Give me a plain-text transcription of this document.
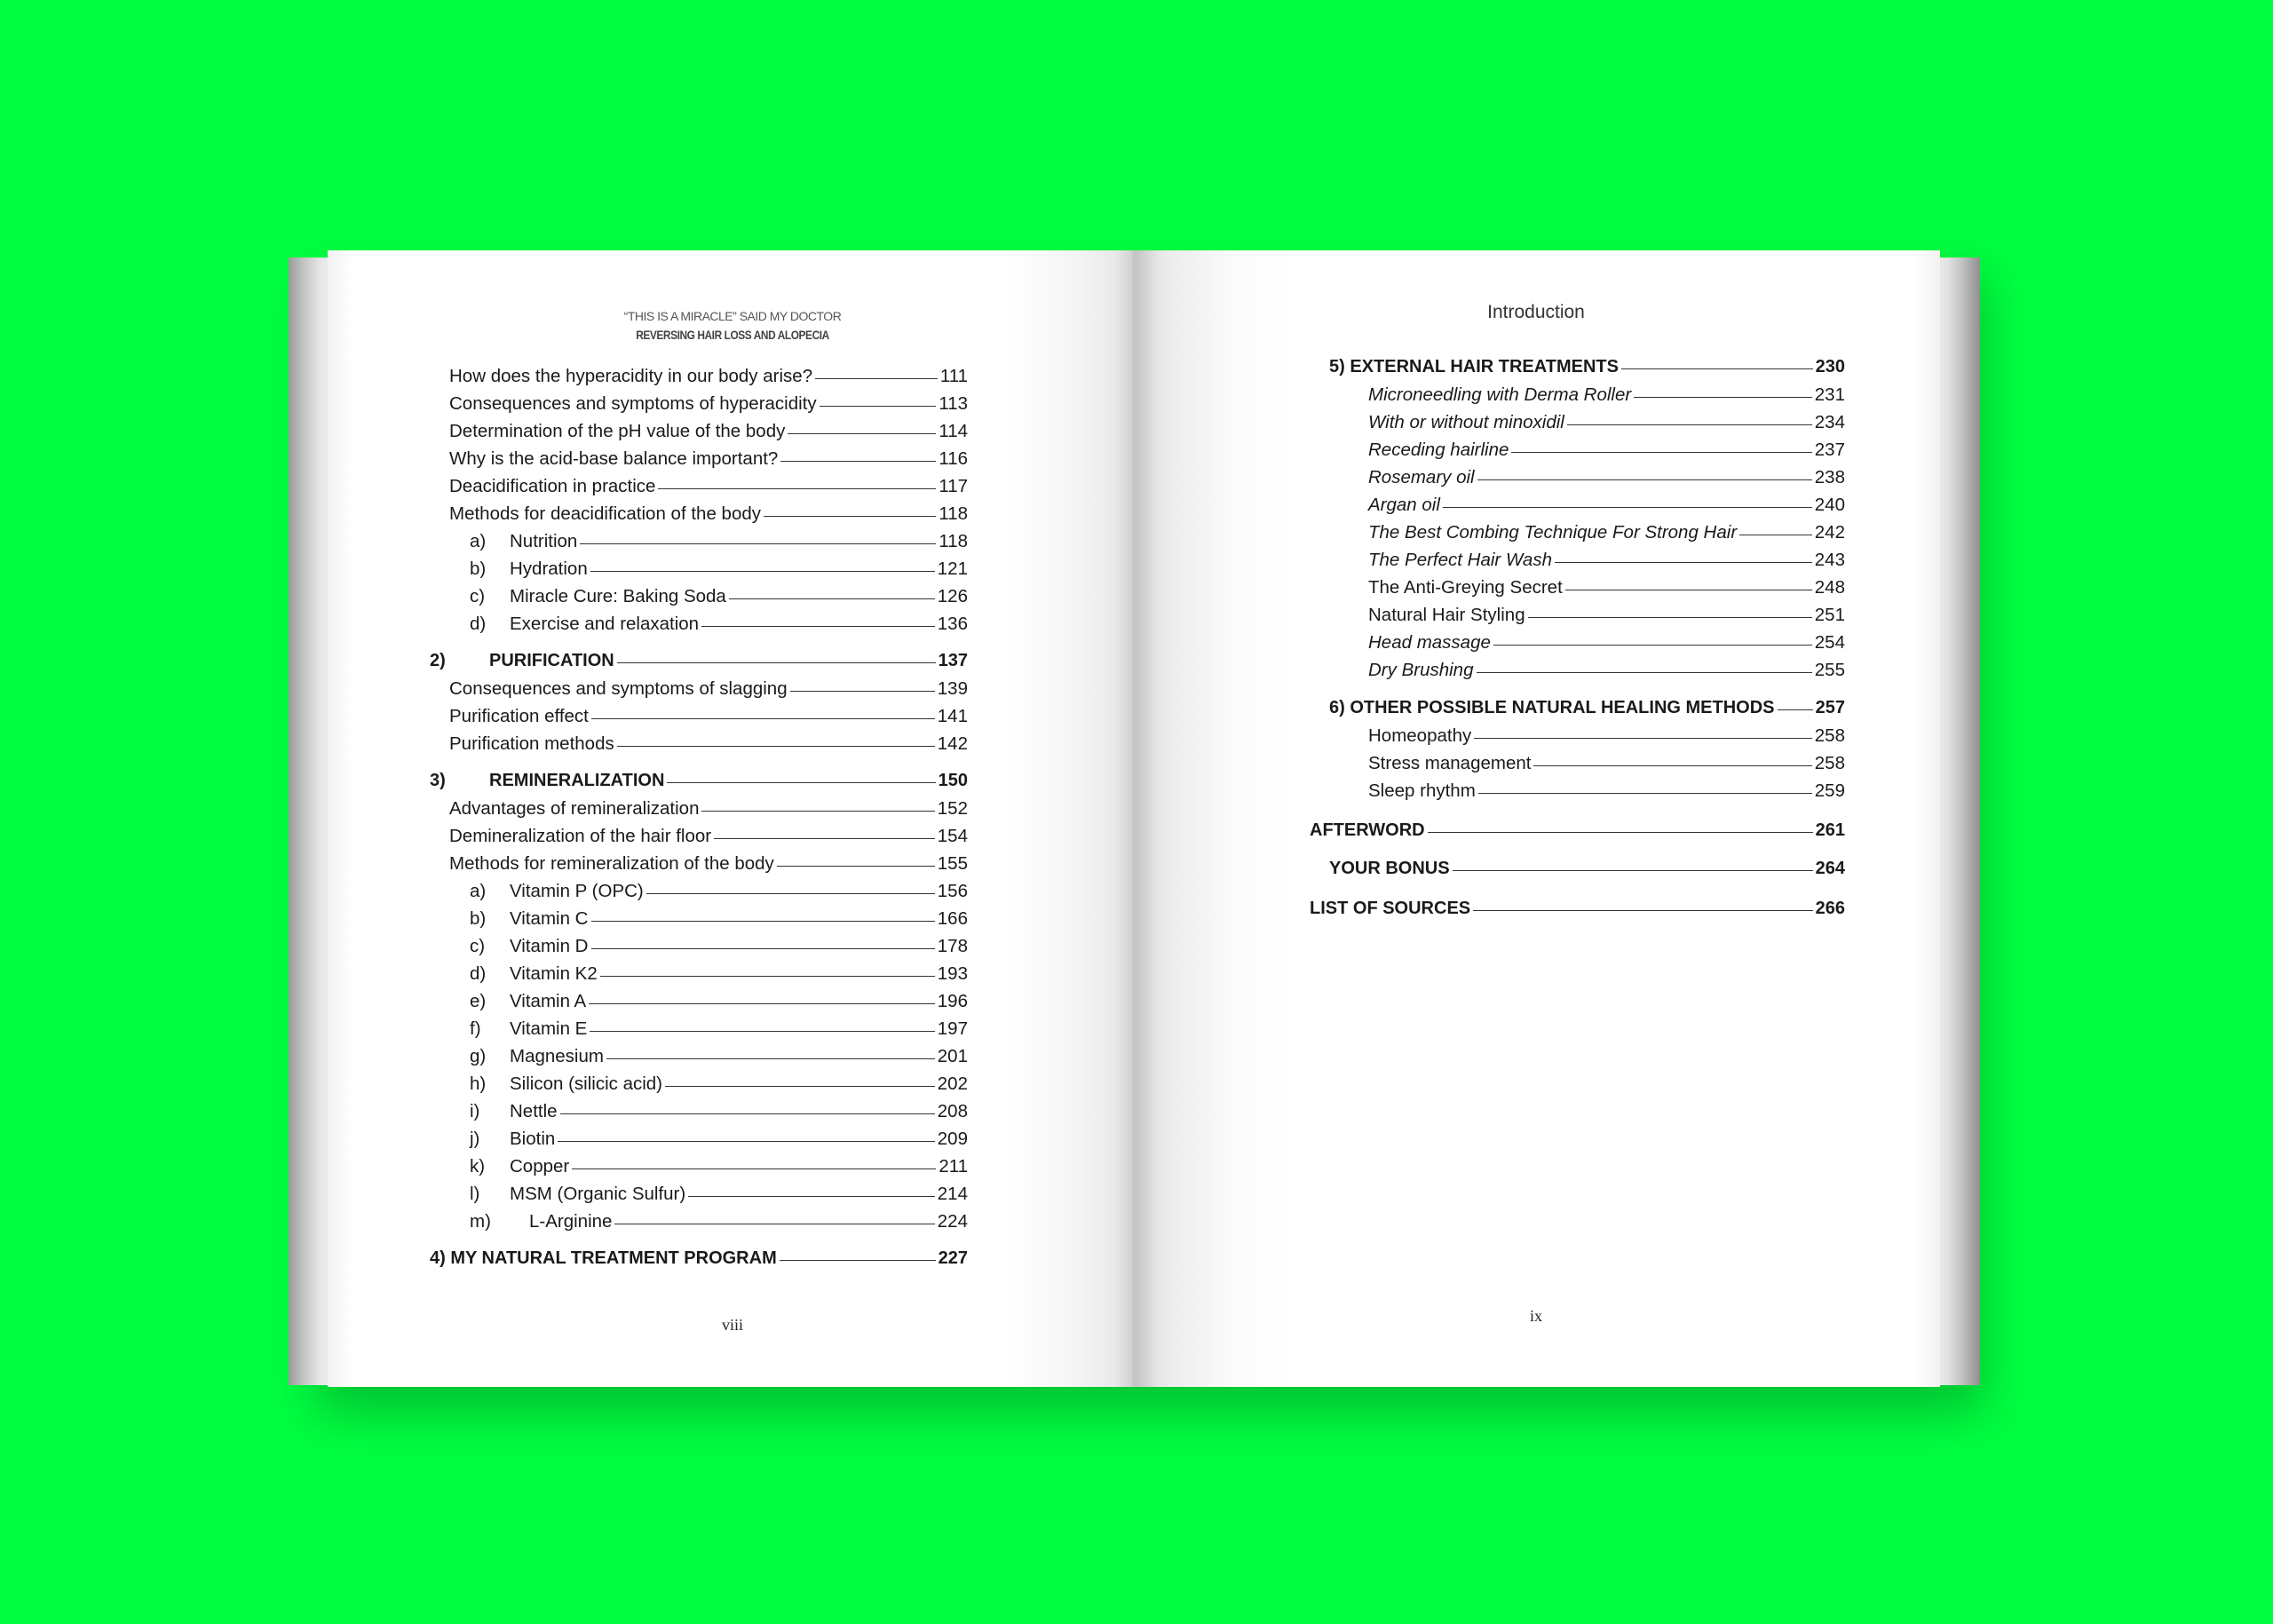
“THIS IS A MIRACLE” SAID MY DOCTOR
REVERSING HAIR LOSS AND ALOPECIA
How does the hyperacidity in our body arise?	111
Consequences and symptoms of hyperacidity	113
Determination of the pH value of the body	114
Why is the acid-base balance important?	116
Deacidification in practice	117
Methods for deacidification of the body	118
a)	Nutrition	118
b)	Hydration	121
c)	Miracle Cure: Baking Soda	126
d)	Exercise and relaxation	136
2)	PURIFICATION	137
Consequences and symptoms of slagging	139
Purification effect	141
Purification methods	142
3)	REMINERALIZATION	150
Advantages of remineralization	152
Demineralization of the hair floor	154
Methods for remineralization of the body	155
a)	Vitamin P (OPC)	156
b)	Vitamin C	166
c)	Vitamin D	178
d)	Vitamin K2	193
e)	Vitamin A	196
f)	Vitamin E	197
g)	Magnesium	201
h)	Silicon (silicic acid)	202
i)	Nettle	208
j)	Biotin	209
k)	Copper	211
l)	MSM (Organic Sulfur)	214
m)	L-Arginine	224
4) MY NATURAL TREATMENT PROGRAM	227
viii
Introduction
5) EXTERNAL HAIR TREATMENTS	230
Microneedling with Derma Roller	231
With or without minoxidil	234
Receding hairline	237
Rosemary oil	238
Argan oil	240
The Best Combing Technique For Strong Hair	242
The Perfect Hair Wash	243
The Anti-Greying Secret	248
Natural Hair Styling	251
Head massage	254
Dry Brushing	255
6) OTHER POSSIBLE NATURAL HEALING METHODS 257
Homeopathy	258
Stress management	258
Sleep rhythm	259
AFTERWORD	261
YOUR BONUS	264
LIST OF SOURCES	266
ix
